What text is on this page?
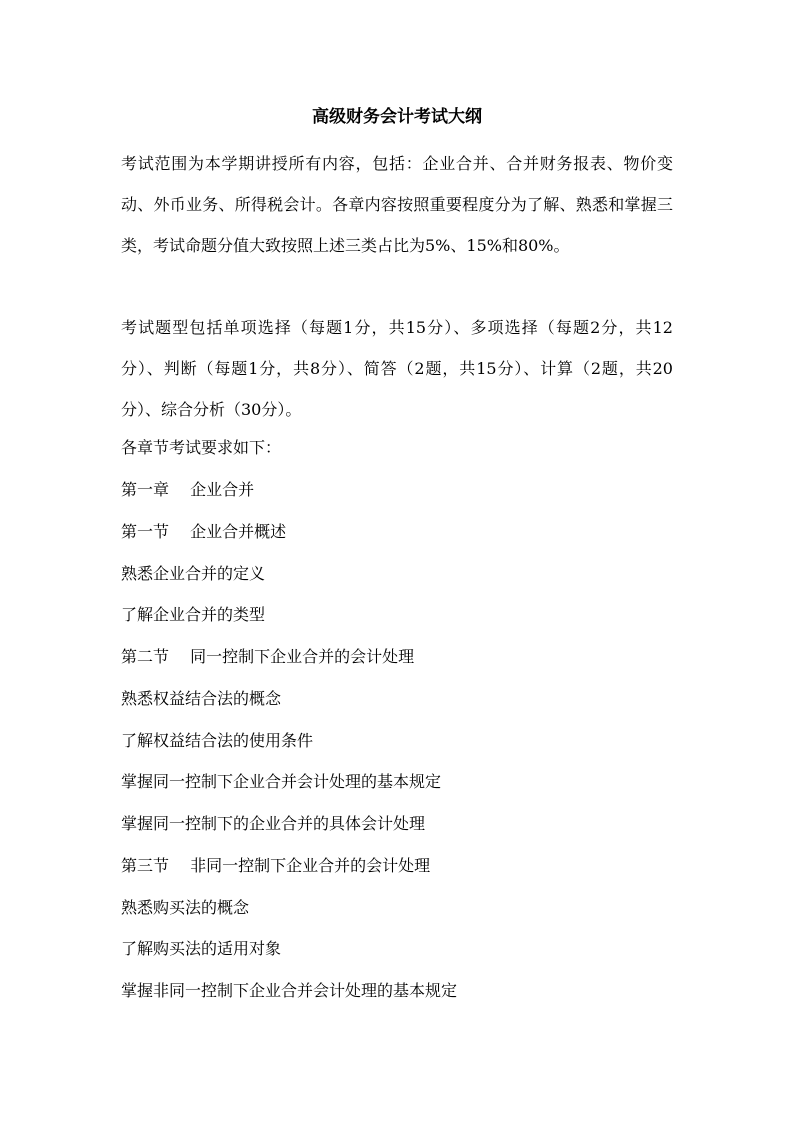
高级财务会计考试大纲
考试范围为本学期讲授所有内容，包括：企业合并、合并财务报表、物价变动、外币业务、所得税会计。各章内容按照重要程度分为了解、熟悉和掌握三类，考试命题分值大致按照上述三类占比为5%、15%和80%。
考试题型包括单项选择（每题1分，共15分）、多项选择（每题2分，共12分）、判断（每题1分，共8分）、简答（2题，共15分）、计算（2题，共20分）、综合分析（30分）。
各章节考试要求如下：
第一章　 企业合并
第一节　 企业合并概述
熟悉企业合并的定义
了解企业合并的类型
第二节　 同一控制下企业合并的会计处理
熟悉权益结合法的概念
了解权益结合法的使用条件
掌握同一控制下企业合并会计处理的基本规定
掌握同一控制下的企业合并的具体会计处理
第三节　 非同一控制下企业合并的会计处理
熟悉购买法的概念
了解购买法的适用对象
掌握非同一控制下企业合并会计处理的基本规定
